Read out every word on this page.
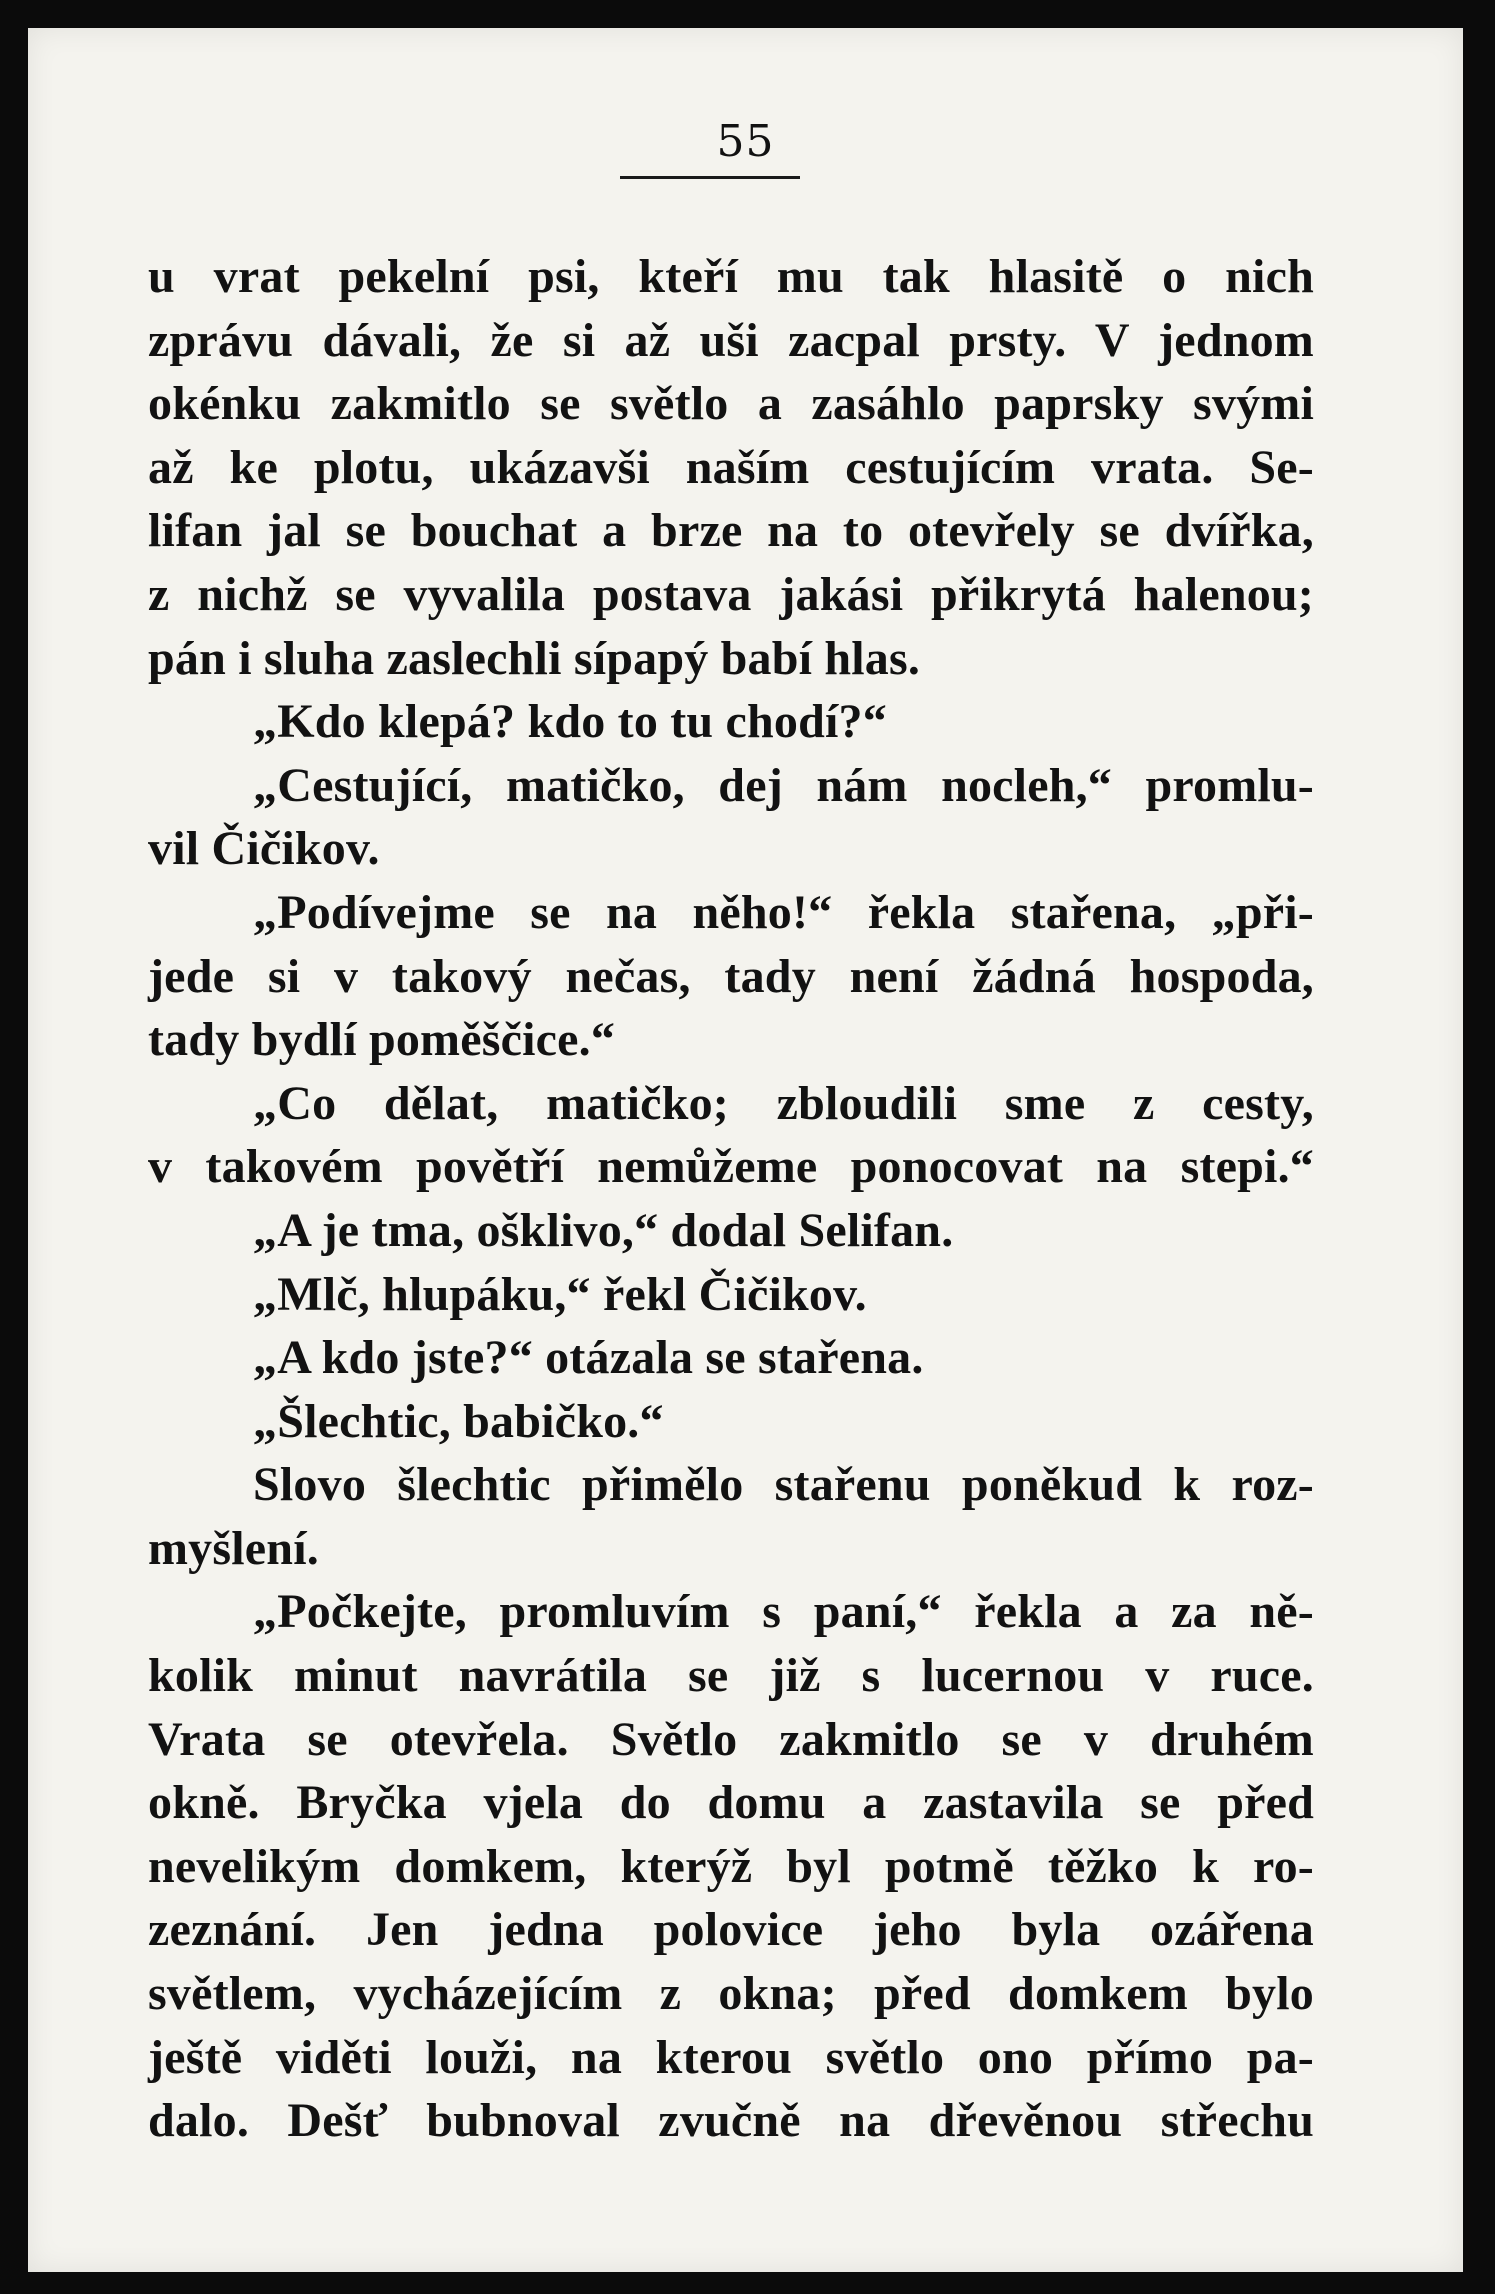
55
u vrat pekelní psi, kteří mu tak hlasitě o nich
zprávu dávali, že si až uši zacpal prsty. V jednom
okénku zakmitlo se světlo a zasáhlo paprsky svými
až ke plotu, ukázavši naším cestujícím vrata. Se-
lifan jal se bouchat a brze na to otevřely se dvířka,
z nichž se vyvalila postava jakási přikrytá halenou;
pán i sluha zaslechli sípapý babí hlas.
„Kdo klepá? kdo to tu chodí?“
„Cestující, matičko, dej nám nocleh,“ promlu-
vil Čičikov.
„Podívejme se na něho!“ řekla stařena, „při-
jede si v takový nečas, tady není žádná hospoda,
tady bydlí poměščice.“
„Co dělat, matičko; zbloudili sme z cesty,
v takovém povětří nemůžeme ponocovat na stepi.“
„A je tma, ošklivo,“ dodal Selifan.
„Mlč, hlupáku,“ řekl Čičikov.
„A kdo jste?“ otázala se stařena.
„Šlechtic, babičko.“
Slovo šlechtic přimělo stařenu poněkud k roz-
myšlení.
„Počkejte, promluvím s paní,“ řekla a za ně-
kolik minut navrátila se již s lucernou v ruce.
Vrata se otevřela. Světlo zakmitlo se v druhém
okně. Bryčka vjela do domu a zastavila se před
nevelikým domkem, kterýž byl potmě těžko k ro-
zeznání. Jen jedna polovice jeho byla ozářena
světlem, vycházejícím z okna; před domkem bylo
ještě viděti louži, na kterou světlo ono přímo pa-
dalo. Dešť bubnoval zvučně na dřevěnou střechu
